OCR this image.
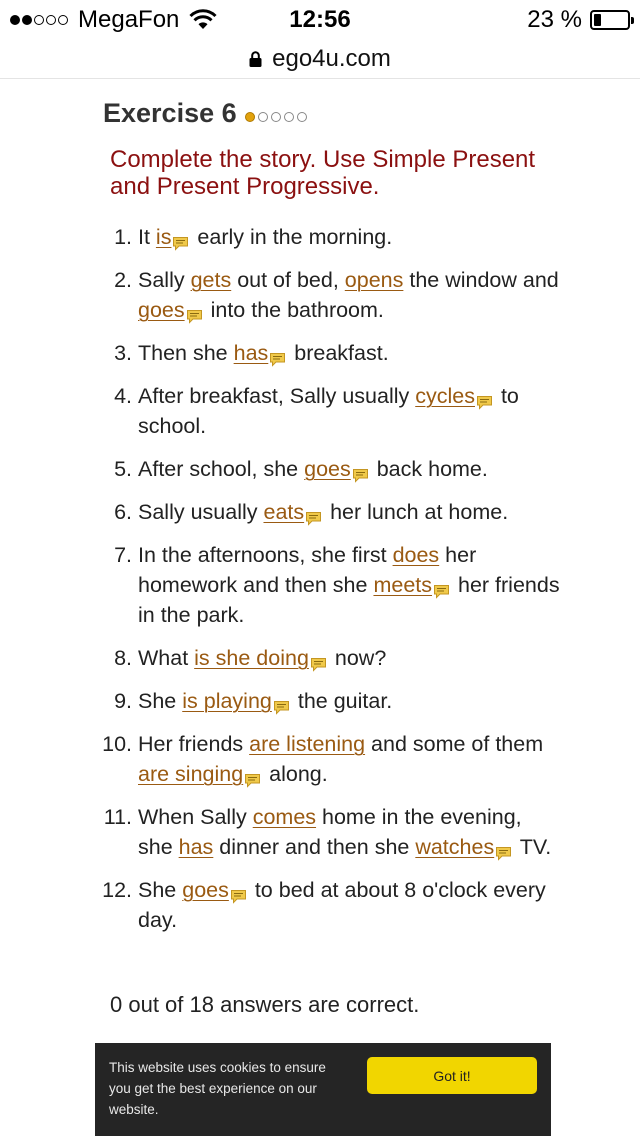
MegaFon	12:56	23 %
ego4u.com
Exercise 6
Complete the story. Use Simple Present and Present Progressive.
1. It is early in the morning.
2. Sally gets out of bed, opens the window and goes into the bathroom.
3. Then she has breakfast.
4. After breakfast, Sally usually cycles to school.
5. After school, she goes back home.
6. Sally usually eats her lunch at home.
7. In the afternoons, she first does her homework and then she meets her friends in the park.
8. What is she doing now?
9. She is playing the guitar.
10. Her friends are listening and some of them are singing along.
11. When Sally comes home in the evening, she has dinner and then she watches TV.
12. She goes to bed at about 8 o'clock every day.
0 out of 18 answers are correct.
This website uses cookies to ensure you get the best experience on our website.
Got it!
